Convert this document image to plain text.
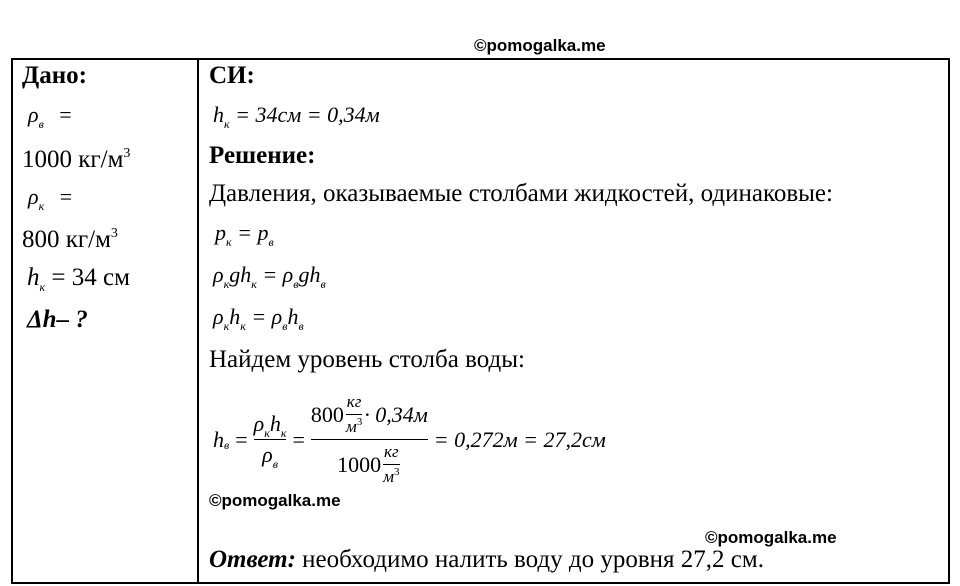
©pomogalka.me
Дано:
$\rho_в$ =
1000 $кг/м^3$
$\rho_к$ =
800 $кг/м^3$
$h_к = 34$ см
Δh– ?
СИ:
$h_к = 34см = 0,34м$
Решение:
Давления, оказываемые столбами жидкостей, одинаковые:
$p_к = p_в$
$\rho_кgh_к = \rho_вgh_в$
$\rho_кh_к = \rho_вh_в$
Найдем уровень столба воды:
h $в = \frac{\rho_кh_к}{\rho_в}$ =
$800 \frac{кг}{м^3} \cdot 0,34м$
$1000 \frac{кг}{м^3}$
= 0,272м = 27,2см
Ответ: необходимо налить воду до уровня 27,2 см.
©pomogalka.me
©pomogalka.me
